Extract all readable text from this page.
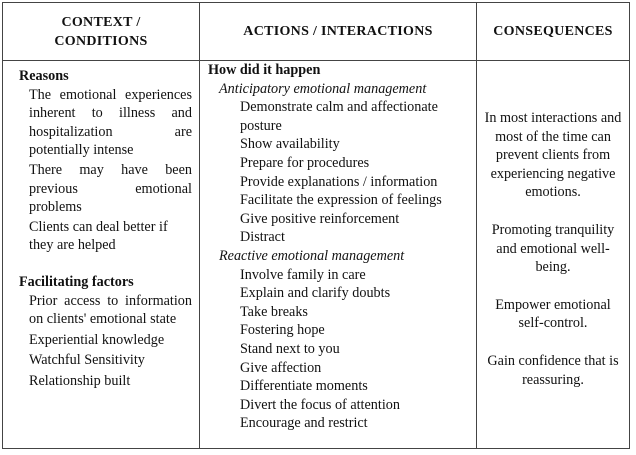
CONTEXT /
CONDITIONS
ACTIONS / INTERACTIONS	CONSEQUENCES
Reasons
The emotional experiences inherent to illness and hospitalization are potentially intense
There may have been previous emotional problems
Clients can deal better if they are helped
Facilitating factors
Prior access to information on clients' emotional state
Experiential knowledge
Watchful Sensitivity
Relationship built
How did it happen
Anticipatory emotional management
Demonstrate calm and affectionate posture
Show availability
Prepare for procedures
Provide explanations / information
Facilitate the expression of feelings
Give positive reinforcement
Distract
Reactive emotional management
Involve family in care
Explain and clarify doubts
Take breaks
Fostering hope
Stand next to you
Give affection
Differentiate moments
Divert the focus of attention
Encourage and restrict

In most interactions and most of the time can prevent clients from experiencing negative emotions.

Promoting tranquility and emotional well-being.

Empower emotional self-control.

Gain confidence that is reassuring.
